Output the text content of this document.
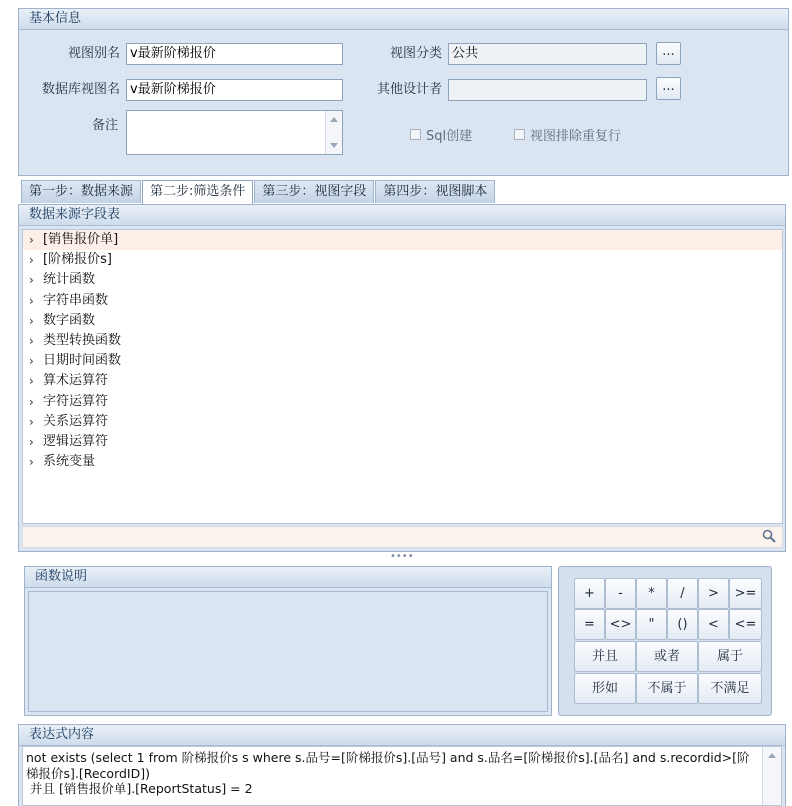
基本信息
视图别名 v最新阶梯报价
数据库视图名 v最新阶梯报价
备注
视图分类 公共	...
其他设计者	...
Sql创建	视图排除重复行
第一步：数据来源	第二步:筛选条件	第三步：视图字段	第四步：视图脚本
数据来源字段表
› [销售报价单]
› [阶梯报价s]
› 统计函数
› 字符串函数
› 数字函数
› 类型转换函数
› 日期时间函数
› 算术运算符
› 字符运算符
› 关系运算符
› 逻辑运算符
› 系统变量
••••
函数说明
+	-	*	/	>	>=
=	<>	"	()	<	<=
并且	或者	属于
形如	不属于	不满足
表达式内容
not exists (select 1 from 阶梯报价s s where s.品号=[阶梯报价s].[品号] and s.品名=[阶梯报价s].[品名] and s.recordid>[阶梯报价s].[RecordID])
并且 [销售报价单].[ReportStatus] = 2
